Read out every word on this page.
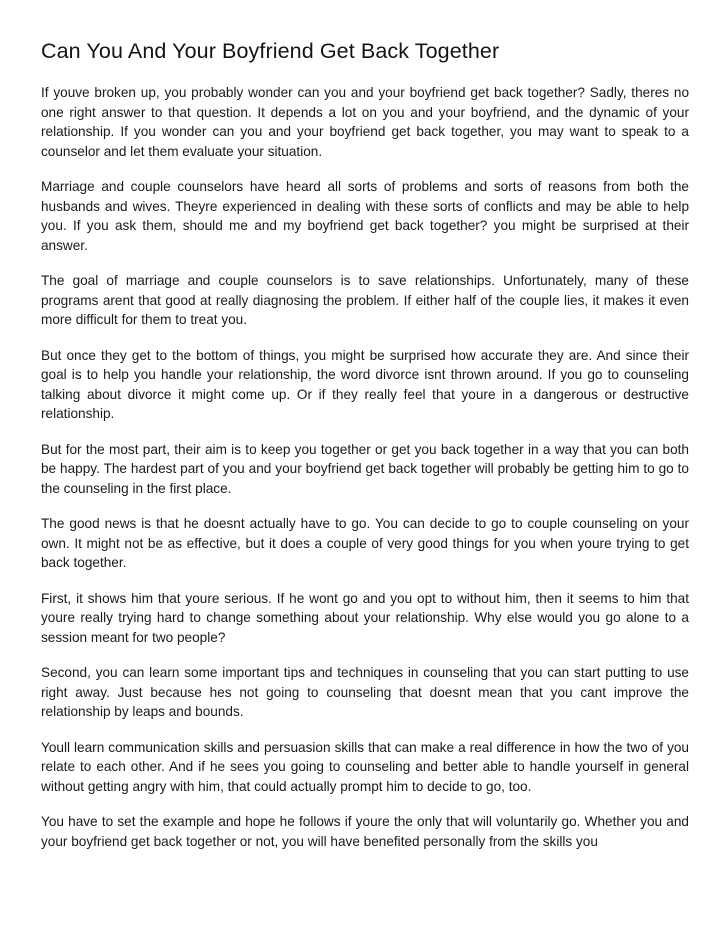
Can You And Your Boyfriend Get Back Together

If youve broken up, you probably wonder can you and your boyfriend get back together? Sadly, theres no one right answer to that question. It depends a lot on you and your boyfriend, and the dynamic of your relationship. If you wonder can you and your boyfriend get back together, you may want to speak to a counselor and let them evaluate your situation.

Marriage and couple counselors have heard all sorts of problems and sorts of reasons from both the husbands and wives. Theyre experienced in dealing with these sorts of conflicts and may be able to help you. If you ask them, should me and my boyfriend get back together? you might be surprised at their answer.

The goal of marriage and couple counselors is to save relationships. Unfortunately, many of these programs arent that good at really diagnosing the problem. If either half of the couple lies, it makes it even more difficult for them to treat you.

But once they get to the bottom of things, you might be surprised how accurate they are. And since their goal is to help you handle your relationship, the word divorce isnt thrown around. If you go to counseling talking about divorce it might come up. Or if they really feel that youre in a dangerous or destructive relationship.

But for the most part, their aim is to keep you together or get you back together in a way that you can both be happy. The hardest part of you and your boyfriend get back together will probably be getting him to go to the counseling in the first place.

The good news is that he doesnt actually have to go. You can decide to go to couple counseling on your own. It might not be as effective, but it does a couple of very good things for you when youre trying to get back together.

First, it shows him that youre serious. If he wont go and you opt to without him, then it seems to him that youre really trying hard to change something about your relationship. Why else would you go alone to a session meant for two people?

Second, you can learn some important tips and techniques in counseling that you can start putting to use right away. Just because hes not going to counseling that doesnt mean that you cant improve the relationship by leaps and bounds.

Youll learn communication skills and persuasion skills that can make a real difference in how the two of you relate to each other. And if he sees you going to counseling and better able to handle yourself in general without getting angry with him, that could actually prompt him to decide to go, too.

You have to set the example and hope he follows if youre the only that will voluntarily go. Whether you and your boyfriend get back together or not, you will have benefited personally from the skills you
